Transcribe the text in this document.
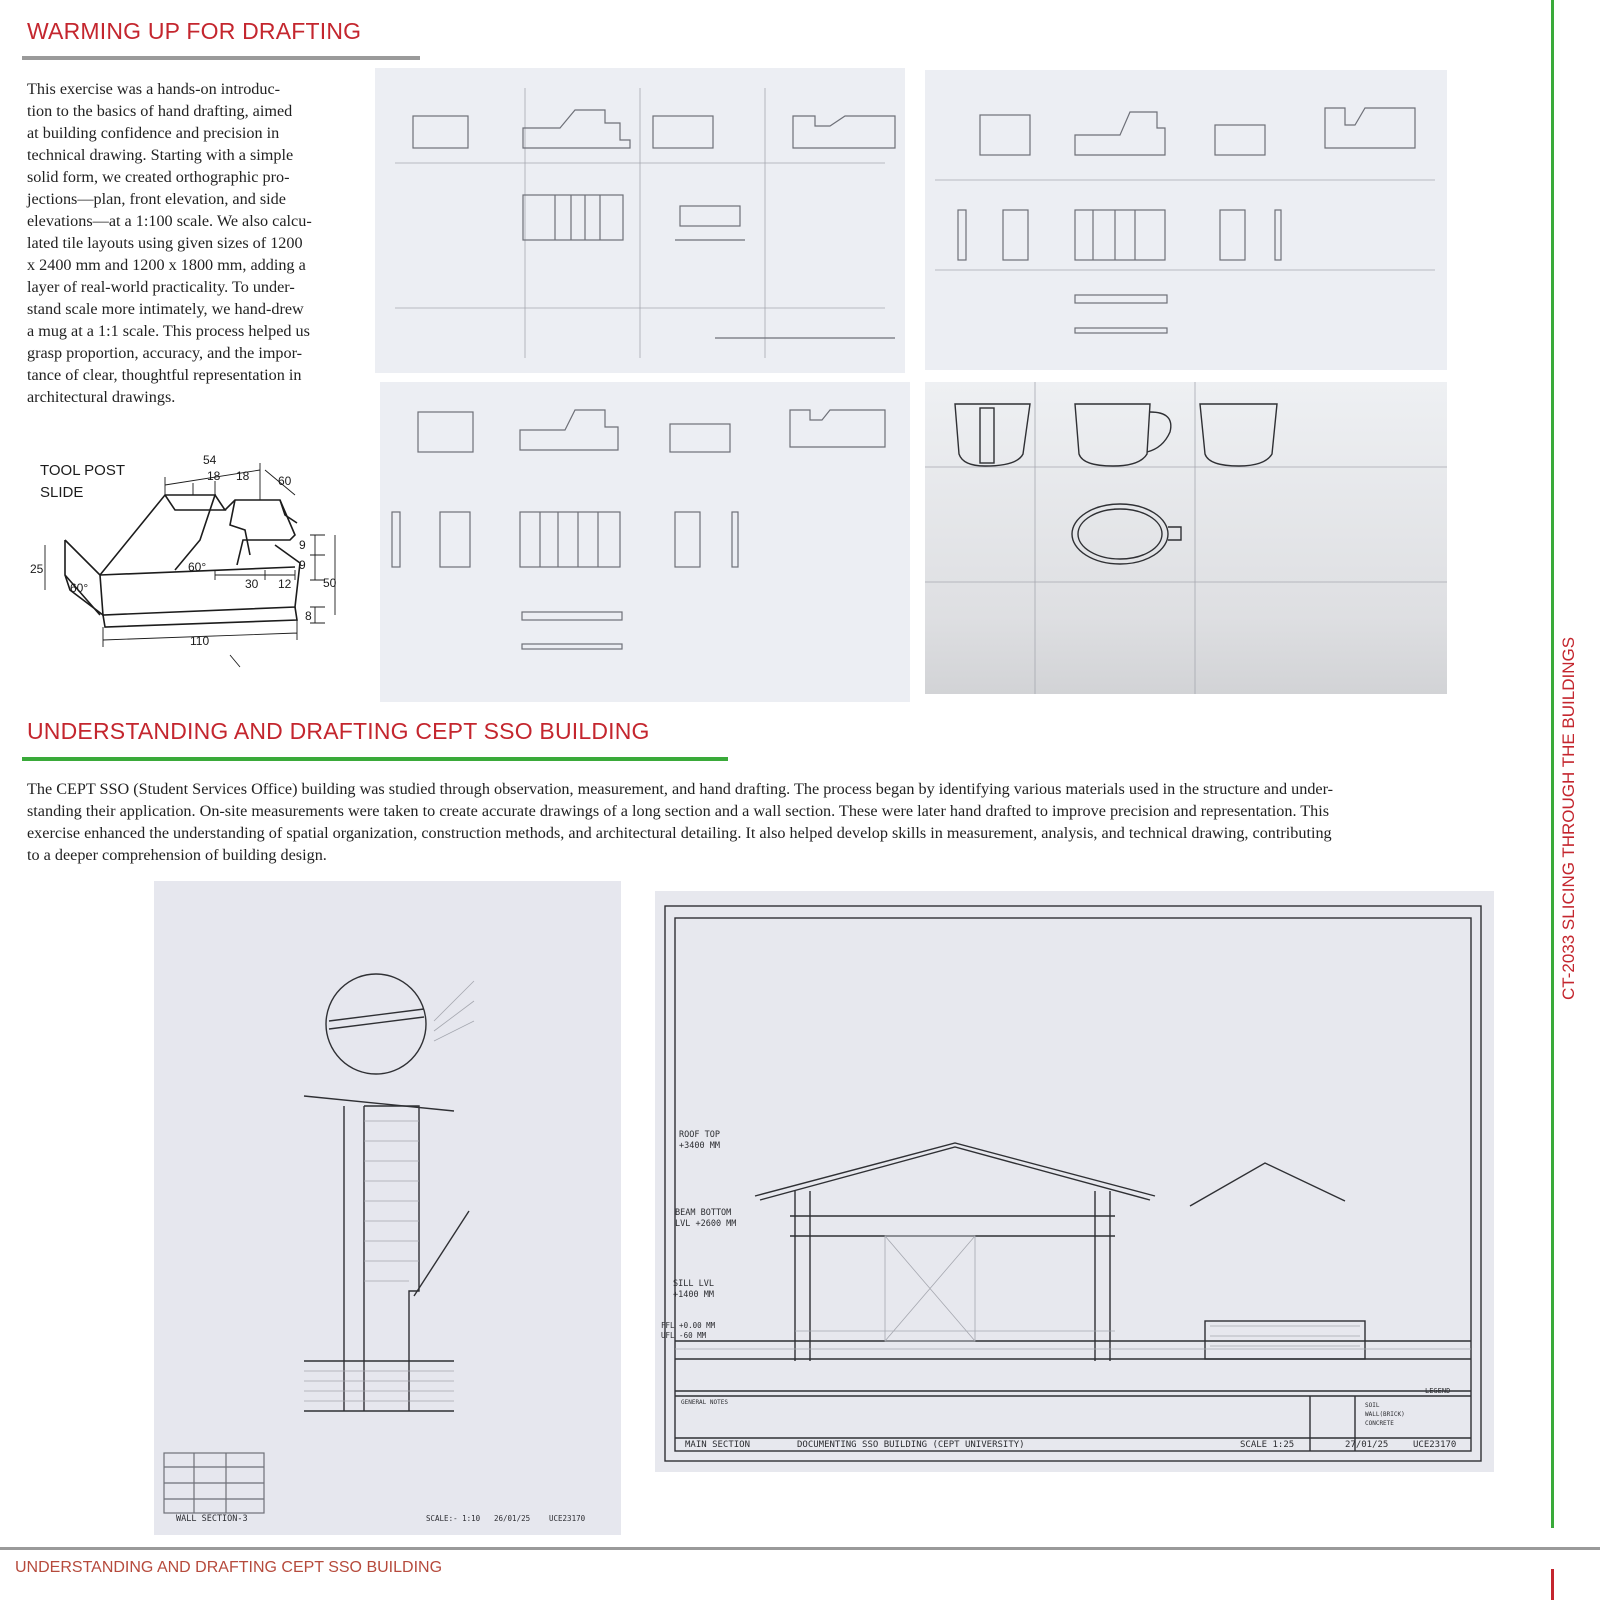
WARMING UP FOR DRAFTING
This exercise was a hands-on introduc-
tion to the basics of hand drafting, aimed
at building confidence and precision in
technical drawing. Starting with a simple
solid form, we created orthographic pro-
jections—plan, front elevation, and side
elevations—at a 1:100 scale. We also calcu-
lated tile layouts using given sizes of 1200
x 2400 mm and 1200 x 1800 mm, adding a
layer of real-world practicality. To under-
stand scale more intimately, we hand-drew
a mug at a 1:1 scale. This process helped us
grasp proportion, accuracy, and the impor-
tance of clear, thoughtful representation in
architectural drawings.
TOOL POST
SLIDE
54
18 18 60
25	60°
60°
9
9
30 12	50
8
110
UNDERSTANDING AND DRAFTING CEPT SSO BUILDING
The CEPT SSO (Student Services Office) building was studied through observation, measurement, and hand drafting. The process began by identifying various materials used in the structure and under-
standing their application. On-site measurements were taken to create accurate drawings of a long section and a wall section. These were later hand drafted to improve precision and representation. This
exercise enhanced the understanding of spatial organization, construction methods, and architectural detailing. It also helped develop skills in measurement, analysis, and technical drawing, contributing
to a deeper comprehension of building design.
WALL SECTION-3	SCALE:- 1:10 26/01/25	UCE23170
ROOF TOP
+3400 MM
BEAM BOTTOM
LVL +2600 MM
SILL LVL
+1400 MM
FFL +0.00 MM
UFL -60 MM
GENERAL NOTES
LEGEND
SOIL
WALL(BRICK)
CONCRETE
MAIN SECTION	DOCUMENTING SSO BUILDING (CEPT UNIVERSITY)	SCALE 1:25	27/01/25	UCE23170
CT-2033 SLICING THROUGH THE BUILDINGS
UNDERSTANDING AND DRAFTING CEPT SSO BUILDING
